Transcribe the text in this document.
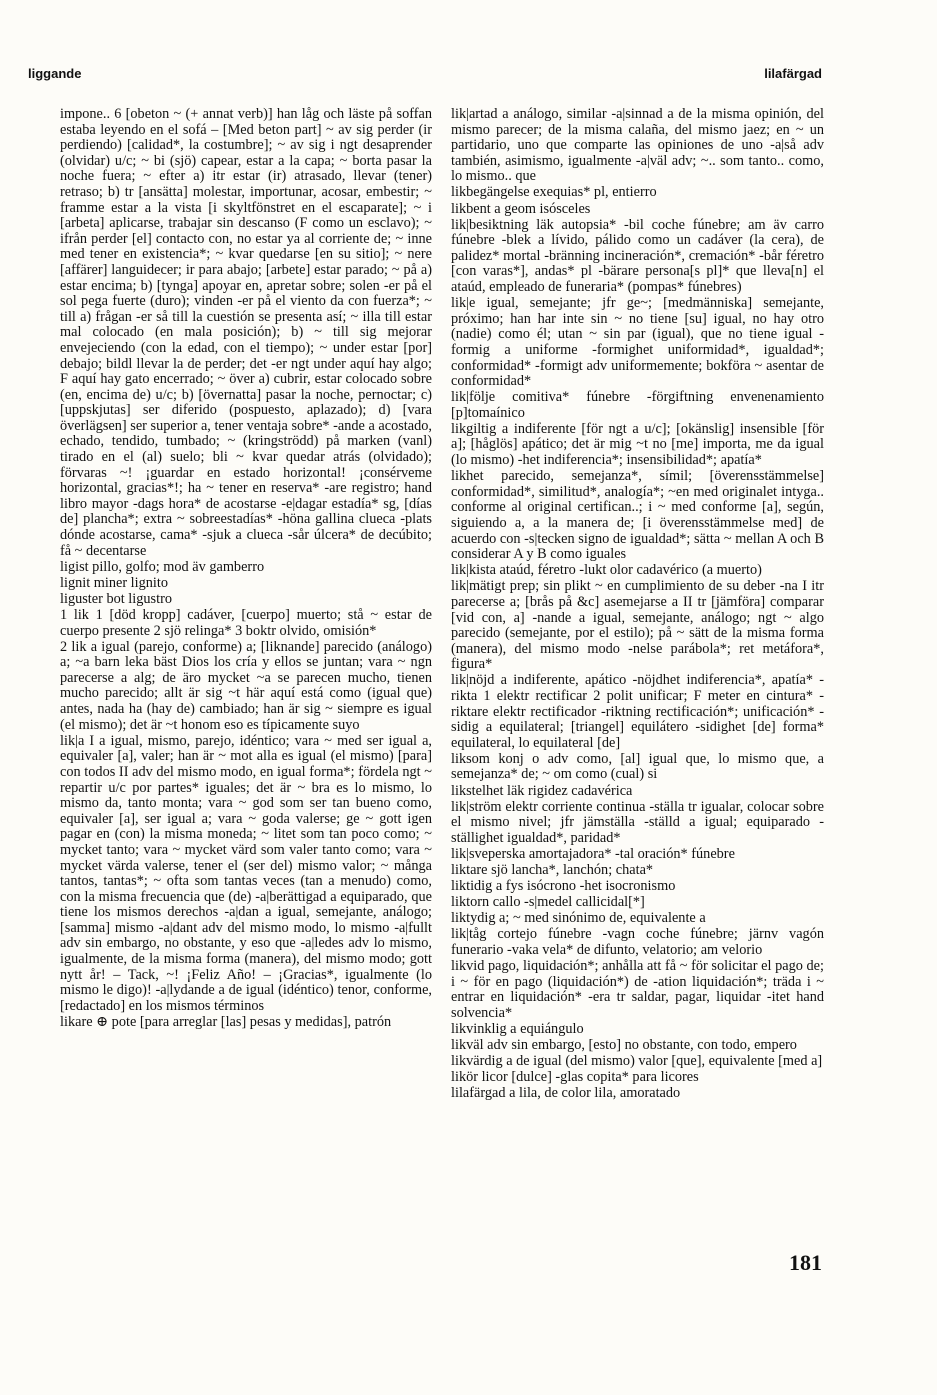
liggande	lilafärgad

impone.. 6 [obeton ~ (+ annat verb)] han låg och läste på soffan estaba leyendo en el sofá – [Med beton part] ~ av sig perder (ir perdiendo) [calidad*, la costumbre]; ~ av sig i ngt desaprender (olvidar) u/c; ~ bi (sjö) capear, estar a la capa; ~ borta pasar la noche fuera; ~ efter a) itr estar (ir) atrasado, llevar (tener) retraso; b) tr [ansätta] molestar, importunar, acosar, embestir; ~ framme estar a la vista [i skyltfönstret en el escaparate]; ~ i [arbeta] aplicarse, trabajar sin descanso (F como un esclavo); ~ ifrån perder [el] contacto con, no estar ya al corriente de; ~ inne med tener en existencia*; ~ kvar quedarse [en su sitio]; ~ nere [affärer] languidecer; ir para abajo; [arbete] estar parado; ~ på a) estar encima; b) [tynga] apoyar en, apretar sobre; solen -er på el sol pega fuerte (duro); vinden -er på el viento da con fuerza*; ~ till a) frågan -er så till la cuestión se presenta así; ~ illa till estar mal colocado (en mala posición); b) ~ till sig mejorar envejeciendo (con la edad, con el tiempo); ~ under estar [por] debajo; bildl llevar la de perder; det -er ngt under aquí hay algo; F aquí hay gato encerrado; ~ över a) cubrir, estar colocado sobre (en, encima de) u/c; b) [övernatta] pasar la noche, pernoctar; c) [uppskjutas] ser diferido (pospuesto, aplazado); d) [vara överlägsen] ser superior a, tener ventaja sobre* -ande a acostado, echado, tendido, tumbado; ~ (kringströdd) på marken (vanl) tirado en el (al) suelo; bli ~ kvar quedar atrás (olvidado); förvaras ~! ¡guardar en estado horizontal! ¡consérveme horizontal, gracias*!; ha ~ tener en reserva* -are registro; hand libro mayor -dags hora* de acostarse -e|dagar estadía* sg, [días de] plancha*; extra ~ sobreestadías* -höna gallina clueca -plats dónde acostarse, cama* -sjuk a clueca -sår úlcera* de decúbito; få ~ decentarse

ligist pillo, golfo; mod äv gamberro

lignit miner lignito

liguster bot ligustro

1 lik 1 [död kropp] cadáver, [cuerpo] muerto; stå ~ estar de cuerpo presente 2 sjö relinga* 3 boktr olvido, omisión*

2 lik a igual (parejo, conforme) a; [liknande] parecido (análogo) a; ~a barn leka bäst Dios los cría y ellos se juntan; vara ~ ngn parecerse a alg; de äro mycket ~a se parecen mucho, tienen mucho parecido; allt är sig ~t här aquí está como (igual que) antes, nada ha (hay de) cambiado; han är sig ~ siempre es igual (el mismo); det är ~t honom eso es típicamente suyo

lik|a I a igual, mismo, parejo, idéntico; vara ~ med ser igual a, equivaler [a], valer; han är ~ mot alla es igual (el mismo) [para] con todos II adv del mismo modo, en igual forma*; fördela ngt ~ repartir u/c por partes* iguales; det är ~ bra es lo mismo, lo mismo da, tanto monta; vara ~ god som ser tan bueno como, equivaler [a], ser igual a; vara ~ goda valerse; ge ~ gott igen pagar en (con) la misma moneda; ~ litet som tan poco como; ~ mycket tanto; vara ~ mycket värd som valer tanto como; vara ~ mycket värda valerse, tener el (ser del) mismo valor; ~ många tantos, tantas*; ~ ofta som tantas veces (tan a menudo) como, con la misma frecuencia que (de) -a|berättigad a equiparado, que tiene los mismos derechos -a|dan a igual, semejante, análogo; [samma] mismo -a|dant adv del mismo modo, lo mismo -a|fullt adv sin embargo, no obstante, y eso que -a|ledes adv lo mismo, igualmente, de la misma forma (manera), del mismo modo; gott nytt år! – Tack, ~! ¡Feliz Año! – ¡Gracias*, igualmente (lo mismo le digo)! -a|lydande a de igual (idéntico) tenor, conforme, [redactado] en los mismos términos

likare ⊕ pote [para arreglar [las] pesas y medidas], patrón

lik|artad a análogo, similar -a|sinnad a de la misma opinión, del mismo parecer; de la misma calaña, del mismo jaez; en ~ un partidario, uno que comparte las opiniones de uno -a|så adv también, asimismo, igualmente -a|väl adv; ~.. som tanto.. como, lo mismo.. que

likbegängelse exequias* pl, entierro

likbent a geom isósceles

lik|besiktning läk autopsia* -bil coche fúnebre; am äv carro fúnebre -blek a lívido, pálido como un cadáver (la cera), de palidez* mortal -bränning incineración*, cremación* -bår féretro [con varas*], andas* pl -bärare persona[s pl]* que lleva[n] el ataúd, empleado de funeraria* (pompas* fúnebres)

lik|e igual, semejante; jfr ge~; [medmänniska] semejante, próximo; han har inte sin ~ no tiene [su] igual, no hay otro (nadie) como él; utan ~ sin par (igual), que no tiene igual -formig a uniforme -formighet uniformidad*, igualdad*; conformidad* -formigt adv uniformemente; bokföra ~ asentar de conformidad*

lik|följe comitiva* fúnebre -förgiftning envenenamiento [p]tomaínico

likgiltig a indiferente [för ngt a u/c]; [okänslig] insensible [för a]; [håglös] apático; det är mig ~t no [me] importa, me da igual (lo mismo) -het indiferencia*; insensibilidad*; apatía*

likhet parecido, semejanza*, símil; [överensstämmelse] conformidad*, similitud*, analogía*; ~en med originalet intyga.. conforme al original certifican..; i ~ med conforme [a], según, siguiendo a, a la manera de; [i överensstämmelse med] de acuerdo con -s|tecken signo de igualdad*; sätta ~ mellan A och B considerar A y B como iguales

lik|kista ataúd, féretro -lukt olor cadavérico (a muerto)

lik|mätigt prep; sin plikt ~ en cumplimiento de su deber -na I itr parecerse a; [brås på &c] asemejarse a II tr [jämföra] comparar [vid con, a] -nande a igual, semejante, análogo; ngt ~ algo parecido (semejante, por el estilo); på ~ sätt de la misma forma (manera), del mismo modo -nelse parábola*; ret metáfora*, figura*

lik|nöjd a indiferente, apático -nöjdhet indiferencia*, apatía* -rikta 1 elektr rectificar 2 polit unificar; F meter en cintura* -riktare elektr rectificador -riktning rectificación*; unificación* -sidig a equilateral; [triangel] equilátero -sidighet [de] forma* equilateral, lo equilateral [de]

liksom konj o adv como, [al] igual que, lo mismo que, a semejanza* de; ~ om como (cual) si

likstelhet läk rigidez cadavérica

lik|ström elektr corriente continua -ställa tr igualar, colocar sobre el mismo nivel; jfr jämställa -ställd a igual; equiparado -ställighet igualdad*, paridad*

lik|sveperska amortajadora* -tal oración* fúnebre

liktare sjö lancha*, lanchón; chata*

liktidig a fys isócrono -het isocronismo

liktorn callo -s|medel callicidal[*]

liktydig a; ~ med sinónimo de, equivalente a

lik|tåg cortejo fúnebre -vagn coche fúnebre; järnv vagón funerario -vaka vela* de difunto, velatorio; am velorio

likvid pago, liquidación*; anhålla att få ~ för solicitar el pago de; i ~ för en pago (liquidación*) de -ation liquidación*; träda i ~ entrar en liquidación* -era tr saldar, pagar, liquidar -itet hand solvencia*

likvinklig a equiángulo

likväl adv sin embargo, [esto] no obstante, con todo, empero

likvärdig a de igual (del mismo) valor [que], equivalente [med a]

likör licor [dulce] -glas copita* para licores

lilafärgad a lila, de color lila, amoratado

181
